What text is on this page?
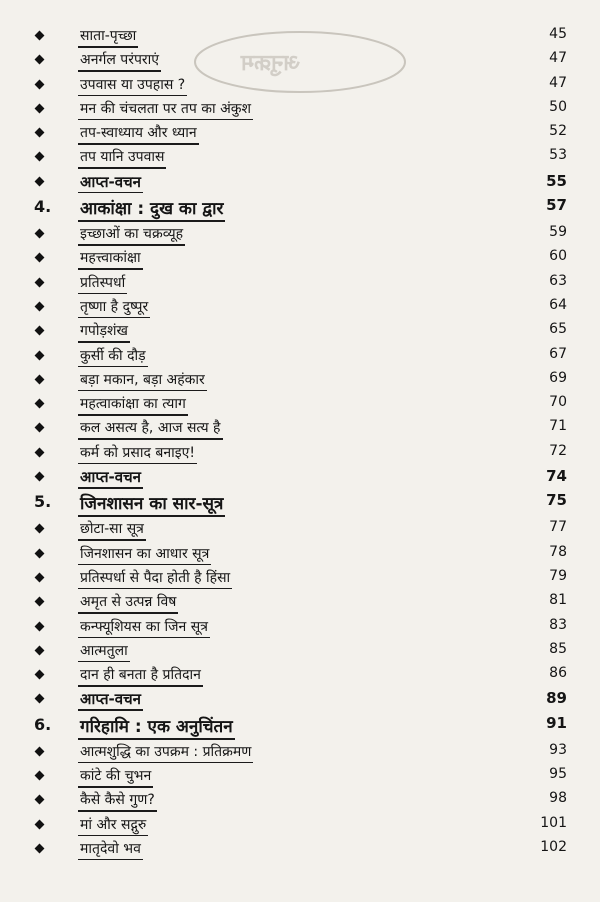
अनुक्रम
साता-पृच्छा	45
अनर्गल परंपराएं	47
उपवास या उपहास ?	47
मन की चंचलता पर तप का अंकुश	50
तप-स्वाध्याय और ध्यान	52
तप यानि उपवास	53
आप्त-वचन	55
4. आकांक्षा : दुख का द्वार	57
इच्छाओं का चक्रव्यूह	59
महत्त्वाकांक्षा	60
प्रतिस्पर्धा	63
तृष्णा है दुष्पूर	64
गपोड़शंख	65
कुर्सी की दौड़	67
बड़ा मकान, बड़ा अहंकार	69
महत्वाकांक्षा का त्याग	70
कल असत्य है, आज सत्य है	71
कर्म को प्रसाद बनाइए!	72
आप्त-वचन	74
5. जिनशासन का सार-सूत्र	75
छोटा-सा सूत्र	77
जिनशासन का आधार सूत्र	78
प्रतिस्पर्धा से पैदा होती है हिंसा	79
अमृत से उत्पन्न विष	81
कन्फ्यूशियस का जिन सूत्र	83
आत्मतुला	85
दान ही बनता है प्रतिदान	86
आप्त-वचन	89
6. गरिहामि : एक अनुचिंतन	91
आत्मशुद्धि का उपक्रम : प्रतिक्रमण	93
कांटे की चुभन	95
कैसे कैसे गुण?	98
मां और सद्गुरु	101
मातृदेवो भव	102
